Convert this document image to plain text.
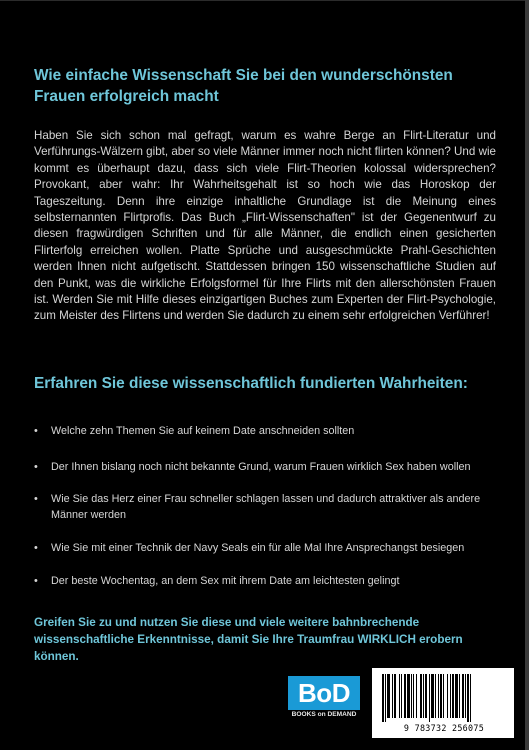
Wie einfache Wissenschaft Sie bei den wunderschönsten
Frauen erfolgreich macht

Haben Sie sich schon mal gefragt, warum es wahre Berge an Flirt-Literatur und Verführungs-Wälzern gibt, aber so viele Männer immer noch nicht flirten können? Und wie kommt es überhaupt dazu, dass sich viele Flirt-Theorien kolossal widersprechen? Provokant, aber wahr: Ihr Wahrheitsgehalt ist so hoch wie das Horoskop der Tageszeitung. Denn ihre einzige inhaltliche Grundlage ist die Meinung eines selbsternannten Flirtprofis. Das Buch „Flirt-Wissenschaften" ist der Gegenentwurf zu diesen fragwürdigen Schriften und für alle Männer, die endlich einen gesicherten Flirterfolg erreichen wollen. Platte Sprüche und ausgeschmückte Prahl-Geschichten werden Ihnen nicht aufgetischt. Stattdessen bringen 150 wissenschaftliche Studien auf den Punkt, was die wirkliche Erfolgsformel für Ihre Flirts mit den allerschönsten Frauen ist. Werden Sie mit Hilfe dieses einzigartigen Buches zum Experten der Flirt-Psychologie, zum Meister des Flirtens und werden Sie dadurch zu einem sehr erfolgreichen Verführer!

Erfahren Sie diese wissenschaftlich fundierten Wahrheiten:
•	Welche zehn Themen Sie auf keinem Date anschneiden sollten
•	Der Ihnen bislang noch nicht bekannte Grund, warum Frauen wirklich Sex haben wollen
•	Wie Sie das Herz einer Frau schneller schlagen lassen und dadurch attraktiver als andere Männer werden
•	Wie Sie mit einer Technik der Navy Seals ein für alle Mal Ihre Ansprechangst besiegen
•	Der beste Wochentag, an dem Sex mit ihrem Date am leichtesten gelingt
Greifen Sie zu und nutzen Sie diese und viele weitere bahnbrechende wissenschaftliche Erkenntnisse, damit Sie Ihre Traumfrau WIRKLICH erobern können.
BoD
BOOKS on DEMAND
9 783732 256075
